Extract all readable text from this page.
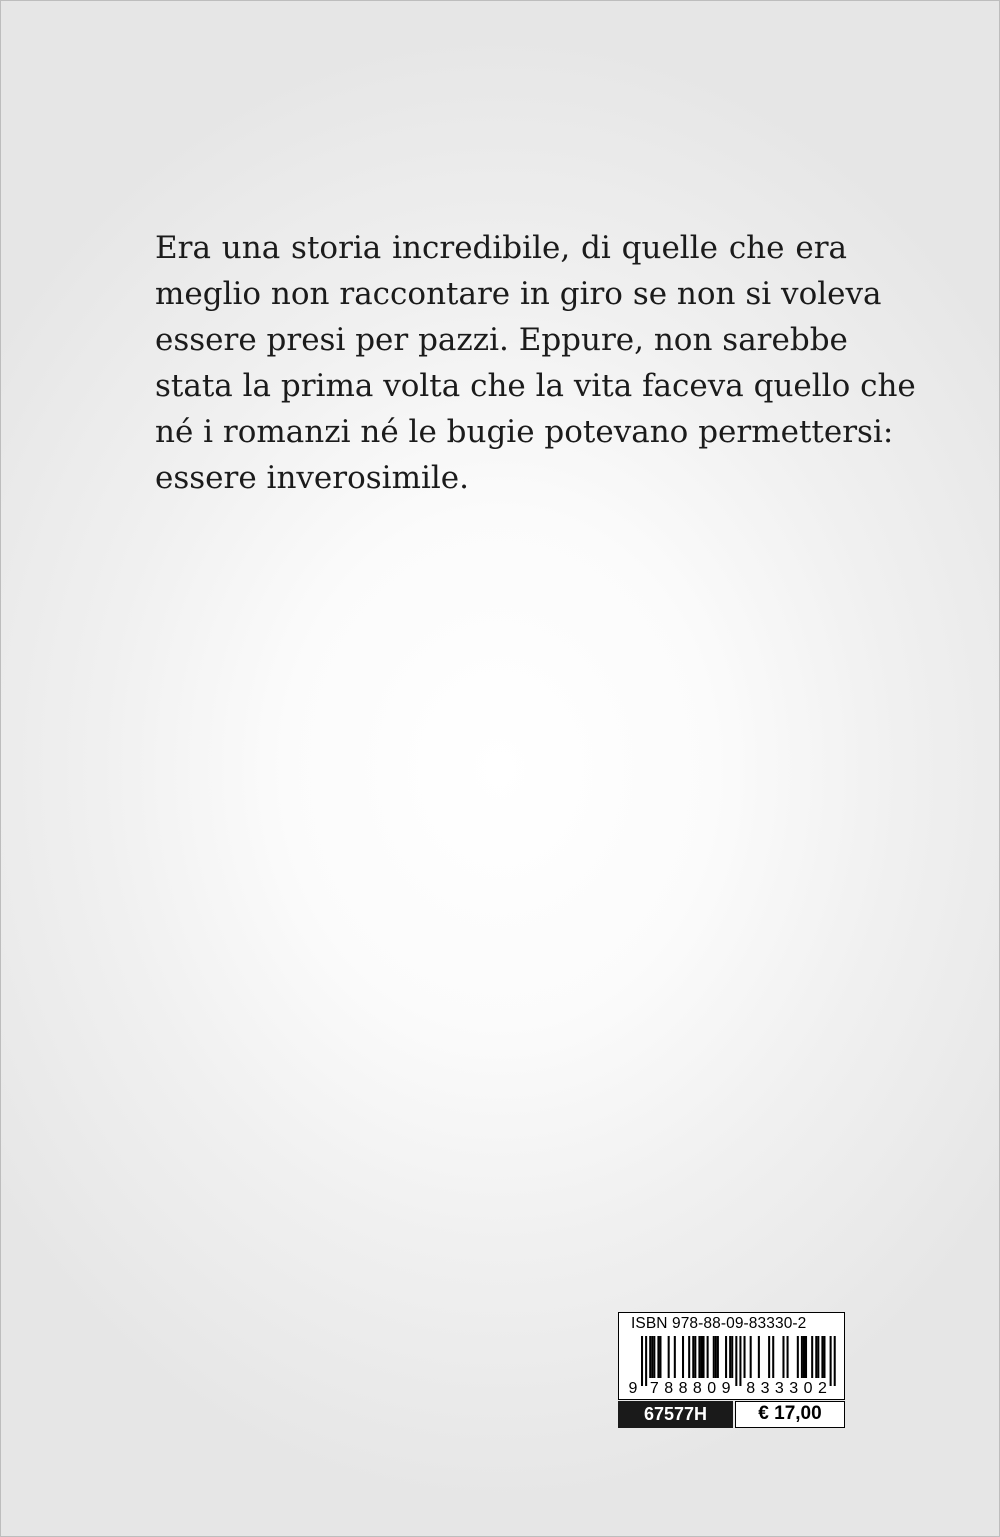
Era una storia incredibile, di quelle che era
meglio non raccontare in giro se non si voleva
essere presi per pazzi. Eppure, non sarebbe
stata la prima volta che la vita faceva quello che
né i romanzi né le bugie potevano permettersi:
essere inverosimile.
ISBN 978-88-09-83330-2
9 7 8 8 8 0 9 8 3 3 3 0 2
67577H	€ 17,00
